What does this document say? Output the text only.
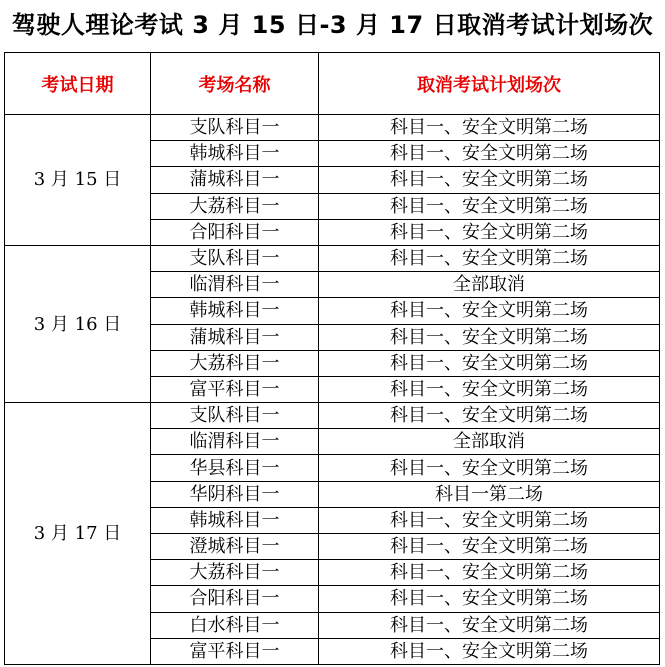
驾驶人理论考试 3 月 15 日-3 月 17 日取消考试计划场次
考试日期	考场名称	取消考试计划场次
3 月 15 日	支队科目一	科目一、安全文明第二场
	韩城科目一	科目一、安全文明第二场
	蒲城科目一	科目一、安全文明第二场
	大荔科目一	科目一、安全文明第二场
	合阳科目一	科目一、安全文明第二场
3 月 16 日	支队科目一	科目一、安全文明第二场
	临渭科目一	全部取消
	韩城科目一	科目一、安全文明第二场
	蒲城科目一	科目一、安全文明第二场
	大荔科目一	科目一、安全文明第二场
	富平科目一	科目一、安全文明第二场
3 月 17 日	支队科目一	科目一、安全文明第二场
	临渭科目一	全部取消
	华县科目一	科目一、安全文明第二场
	华阴科目一	科目一第二场
	韩城科目一	科目一、安全文明第二场
	澄城科目一	科目一、安全文明第二场
	大荔科目一	科目一、安全文明第二场
	合阳科目一	科目一、安全文明第二场
	白水科目一	科目一、安全文明第二场
	富平科目一	科目一、安全文明第二场
